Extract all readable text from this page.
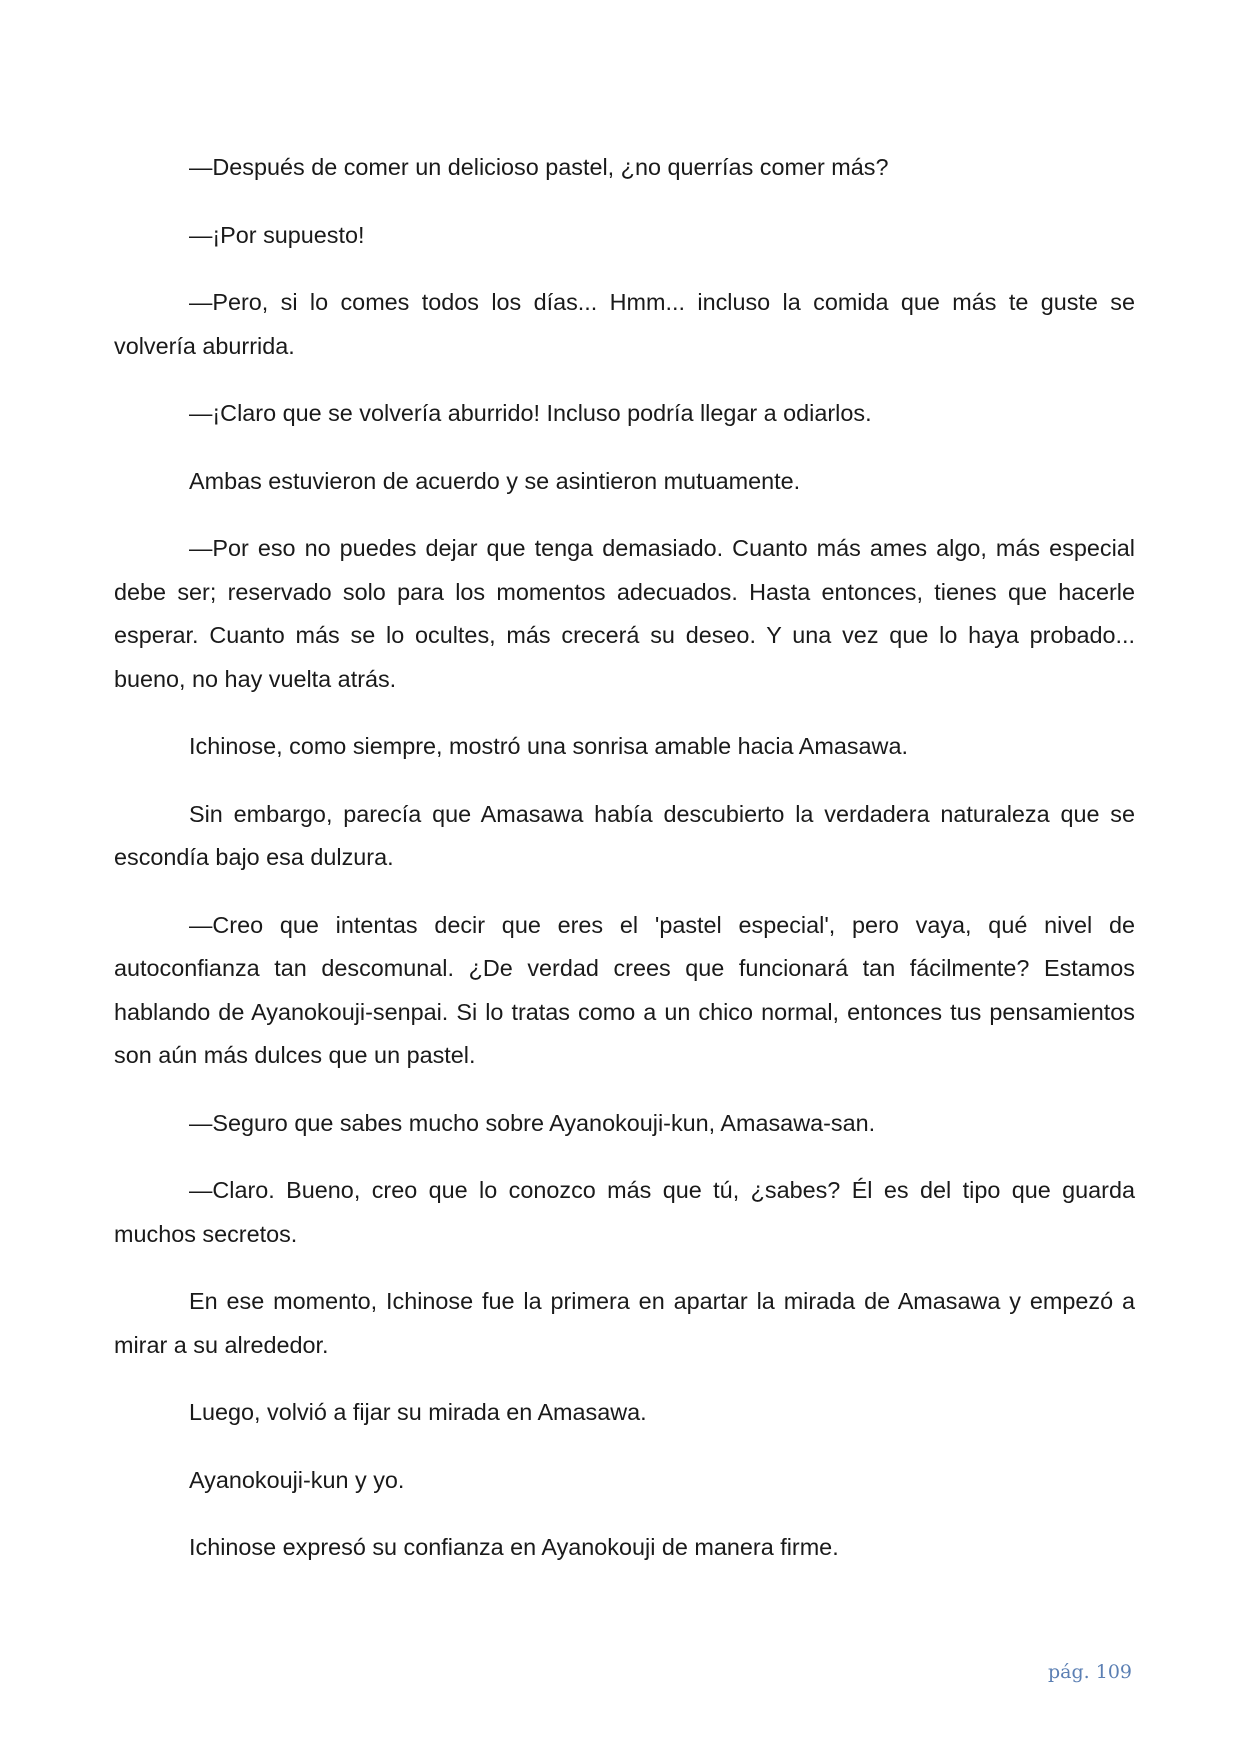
—Después de comer un delicioso pastel, ¿no querrías comer más?

—¡Por supuesto!

—Pero, si lo comes todos los días... Hmm... incluso la comida que más te guste se volvería aburrida.

—¡Claro que se volvería aburrido! Incluso podría llegar a odiarlos.

Ambas estuvieron de acuerdo y se asintieron mutuamente.

—Por eso no puedes dejar que tenga demasiado. Cuanto más ames algo, más especial debe ser; reservado solo para los momentos adecuados. Hasta entonces, tienes que hacerle esperar. Cuanto más se lo ocultes, más crecerá su deseo. Y una vez que lo haya probado... bueno, no hay vuelta atrás.

Ichinose, como siempre, mostró una sonrisa amable hacia Amasawa.

Sin embargo, parecía que Amasawa había descubierto la verdadera naturaleza que se escondía bajo esa dulzura.

—Creo que intentas decir que eres el 'pastel especial', pero vaya, qué nivel de autoconfianza tan descomunal. ¿De verdad crees que funcionará tan fácilmente? Estamos hablando de Ayanokouji-senpai. Si lo tratas como a un chico normal, entonces tus pensamientos son aún más dulces que un pastel.

—Seguro que sabes mucho sobre Ayanokouji-kun, Amasawa-san.

—Claro. Bueno, creo que lo conozco más que tú, ¿sabes? Él es del tipo que guarda muchos secretos.

En ese momento, Ichinose fue la primera en apartar la mirada de Amasawa y empezó a mirar a su alrededor.

Luego, volvió a fijar su mirada en Amasawa.

Ayanokouji-kun y yo.

Ichinose expresó su confianza en Ayanokouji de manera firme.

pág. 109
